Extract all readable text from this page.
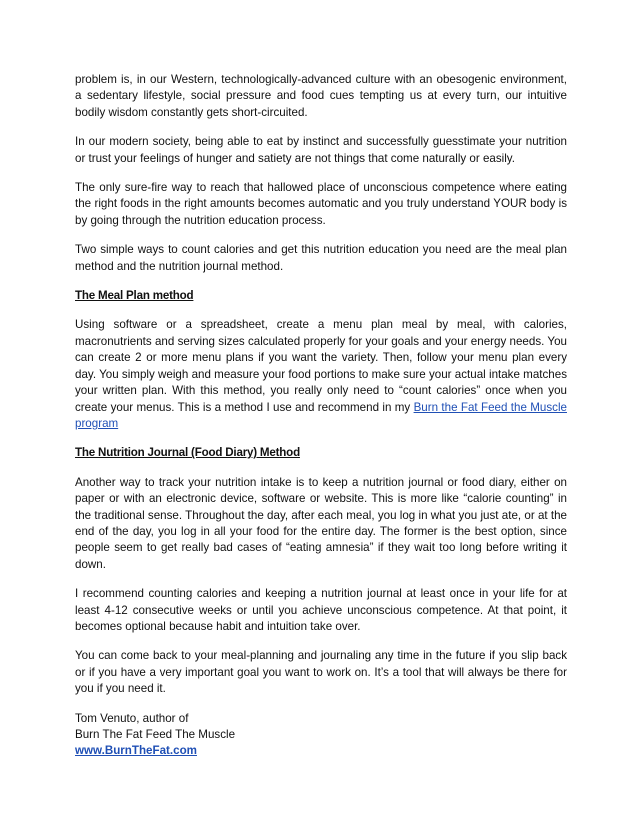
problem is, in our Western, technologically-advanced culture with an obesogenic environment, a sedentary lifestyle, social pressure and food cues tempting us at every turn, our intuitive bodily wisdom constantly gets short-circuited.

In our modern society, being able to eat by instinct and successfully guesstimate your nutrition or trust your feelings of hunger and satiety are not things that come naturally or easily.

The only sure-fire way to reach that hallowed place of unconscious competence where eating the right foods in the right amounts becomes automatic and you truly understand YOUR body is by going through the nutrition education process.

Two simple ways to count calories and get this nutrition education you need are the meal plan method and the nutrition journal method.

The Meal Plan method

Using software or a spreadsheet, create a menu plan meal by meal, with calories, macronutrients and serving sizes calculated properly for your goals and your energy needs. You can create 2 or more menu plans if you want the variety. Then, follow your menu plan every day. You simply weigh and measure your food portions to make sure your actual intake matches your written plan. With this method, you really only need to “count calories” once when you create your menus. This is a method I use and recommend in my Burn the Fat Feed the Muscle program

The Nutrition Journal (Food Diary) Method

Another way to track your nutrition intake is to keep a nutrition journal or food diary, either on paper or with an electronic device, software or website. This is more like “calorie counting” in the traditional sense. Throughout the day, after each meal, you log in what you just ate, or at the end of the day, you log in all your food for the entire day. The former is the best option, since people seem to get really bad cases of “eating amnesia” if they wait too long before writing it down.

I recommend counting calories and keeping a nutrition journal at least once in your life for at least 4-12 consecutive weeks or until you achieve unconscious competence. At that point, it becomes optional because habit and intuition take over.

You can come back to your meal-planning and journaling any time in the future if you slip back or if you have a very important goal you want to work on. It’s a tool that will always be there for you if you need it.

Tom Venuto, author of

Burn The Fat Feed The Muscle

www.BurnTheFat.com
